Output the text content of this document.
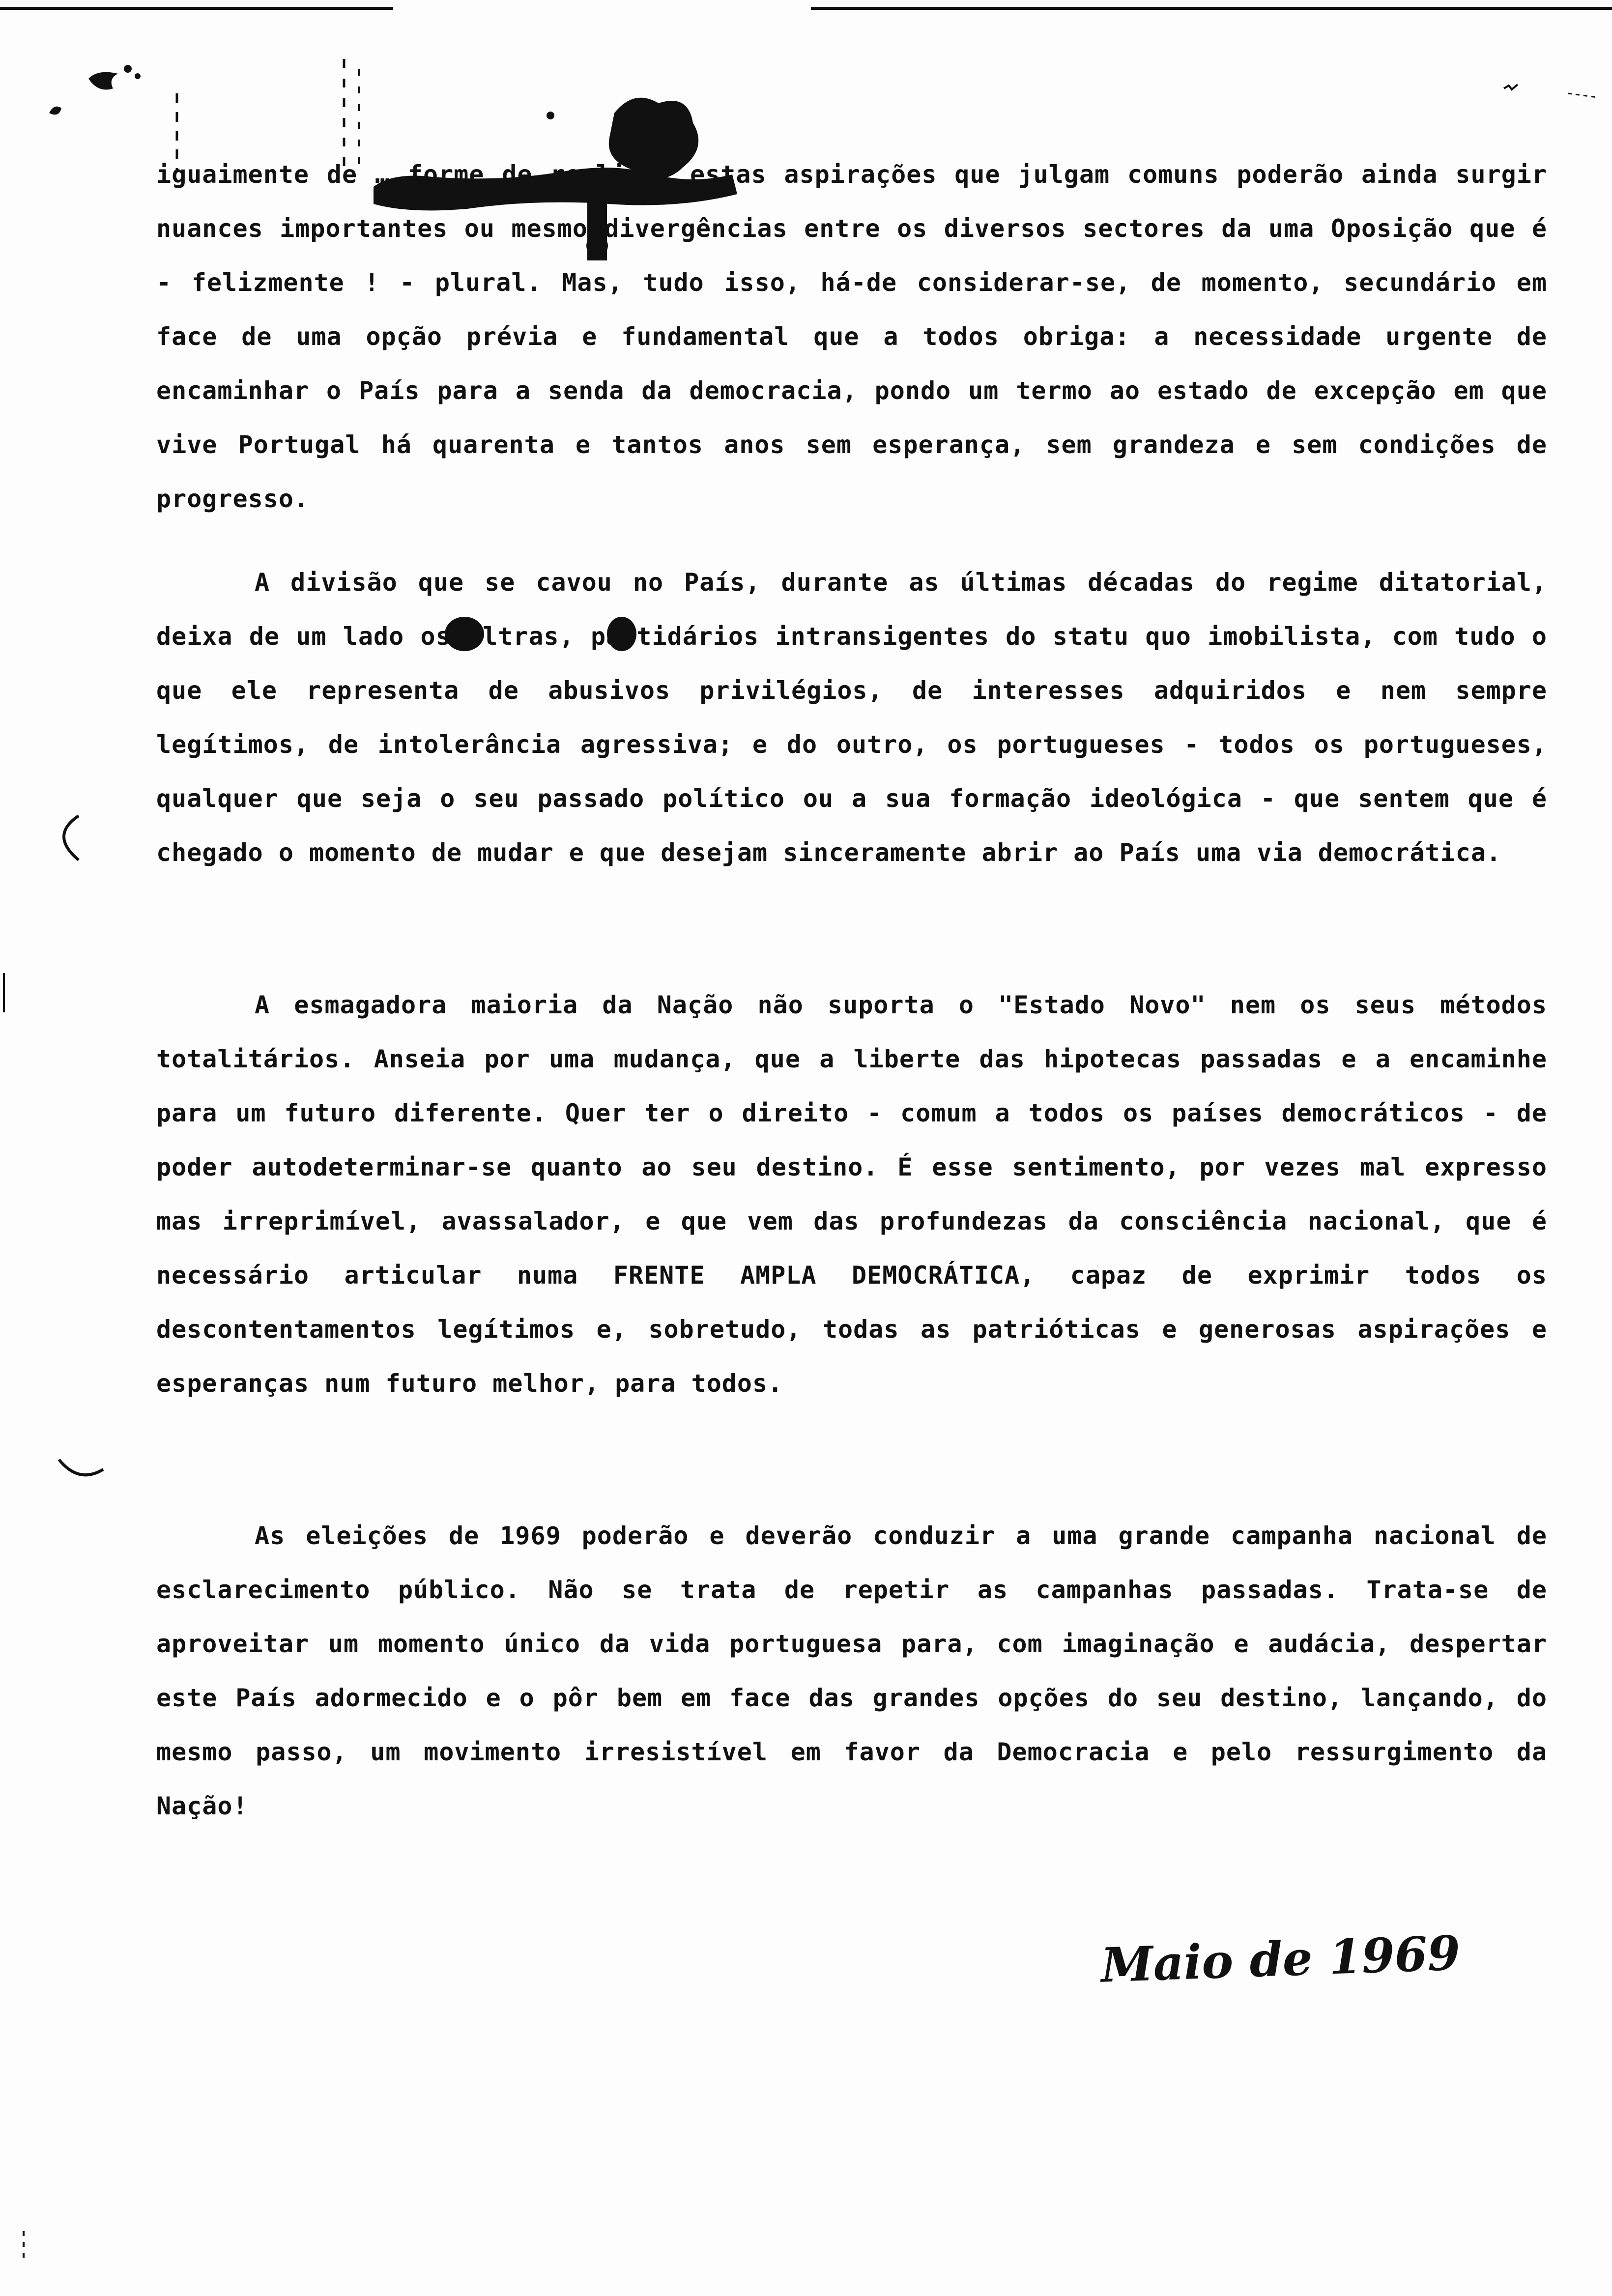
iguaimente de … forme de realizar estas aspirações que julgam comuns poderão ainda surgir nuances importantes ou mesmo divergências entre os diversos sectores da uma Oposição que é - felizmente ! - plural. Mas, tudo isso, há-de considerar-se, de momento, secundário em face de uma opção prévia e fundamental que a todos obriga: a necessidade urgente de encaminhar o País para a senda da democracia, pondo um termo ao estado de excepção em que vive Portugal há quarenta e tantos anos sem esperança, sem grandeza e sem condições de progresso.
A divisão que se cavou no País, durante as últimas décadas do regime ditatorial, deixa de um lado os ultras, partidários intransigentes do statu quo imobilista, com tudo o que ele representa de abusivos privilégios, de interesses adquiridos e nem sempre legítimos, de intolerância agressiva; e do outro, os portugueses - todos os portugueses, qualquer que seja o seu passado político ou a sua formação ideológica - que sentem que é chegado o momento de mudar e que desejam sinceramente abrir ao País uma via democrática.
A esmagadora maioria da Nação não suporta o "Estado Novo" nem os seus métodos totalitários. Anseia por uma mudança, que a liberte das hipotecas passadas e a encaminhe para um futuro diferente. Quer ter o direito - comum a todos os países democráticos - de poder autodeterminar-se quanto ao seu destino. É esse sentimento, por vezes mal expresso mas irreprimível, avassalador, e que vem das profundezas da consciência nacional, que é necessário articular numa FRENTE AMPLA DEMOCRÁTICA, capaz de exprimir todos os descontentamentos legítimos e, sobretudo, todas as patrióticas e generosas aspirações e esperanças num futuro melhor, para todos.
As eleições de 1969 poderão e deverão conduzir a uma grande campanha nacional de esclarecimento público. Não se trata de repetir as campanhas passadas. Trata-se de aproveitar um momento único da vida portuguesa para, com imaginação e audácia, despertar este País adormecido e o pôr bem em face das grandes opções do seu destino, lançando, do mesmo passo, um movimento irresistível em favor da Democracia e pelo ressurgimento da Nação!
Maio de 1969
